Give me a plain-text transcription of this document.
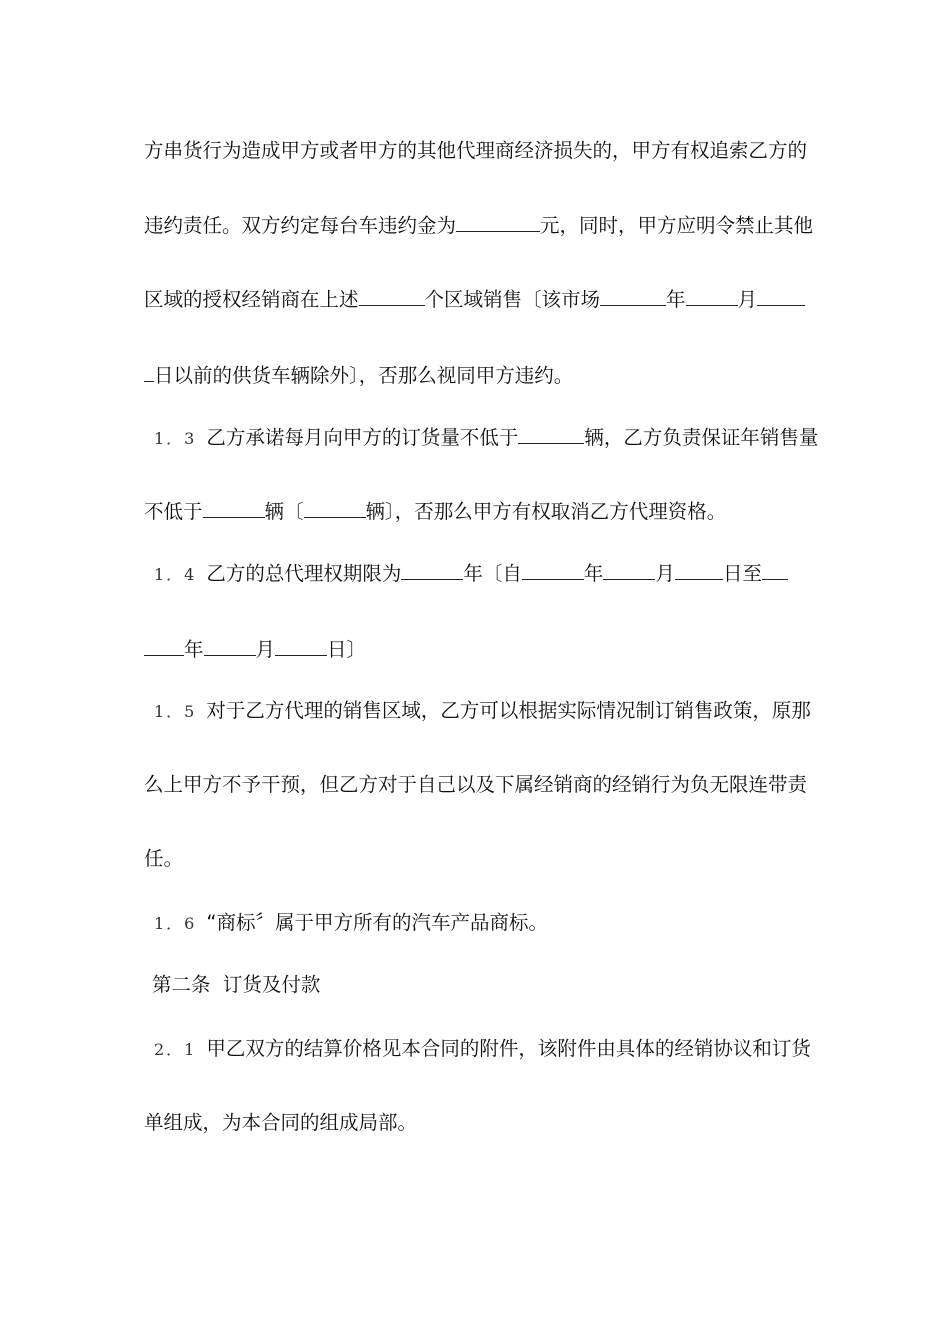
方串货行为造成甲方或者甲方的其他代理商经济损失的，甲方有权追索乙方的
违约责任。双方约定每台车违约金为	元，同时，甲方应明令禁止其他
区域的授权经销商在上述	个区域销售〔该市场	年	月
日以前的供货车辆除外〕，否那么视同甲方违约。
1．3 乙方承诺每月向甲方的订货量不低于	辆，乙方负责保证年销售量
不低于	辆〔	辆〕，否那么甲方有权取消乙方代理资格。
1．4 乙方的总代理权期限为	年〔自	年	月 日至
年	月	日〕
1．5 对于乙方代理的销售区域，乙方可以根据实际情况制订销售政策，原那
么上甲方不予干预，但乙方对于自己以及下属经销商的经销行为负无限连带责
任。
1．6 “商标〞属于甲方所有的汽车产品商标。
第二条  订货及付款
2．1 甲乙双方的结算价格见本合同的附件，该附件由具体的经销协议和订货
单组成，为本合同的组成局部。
